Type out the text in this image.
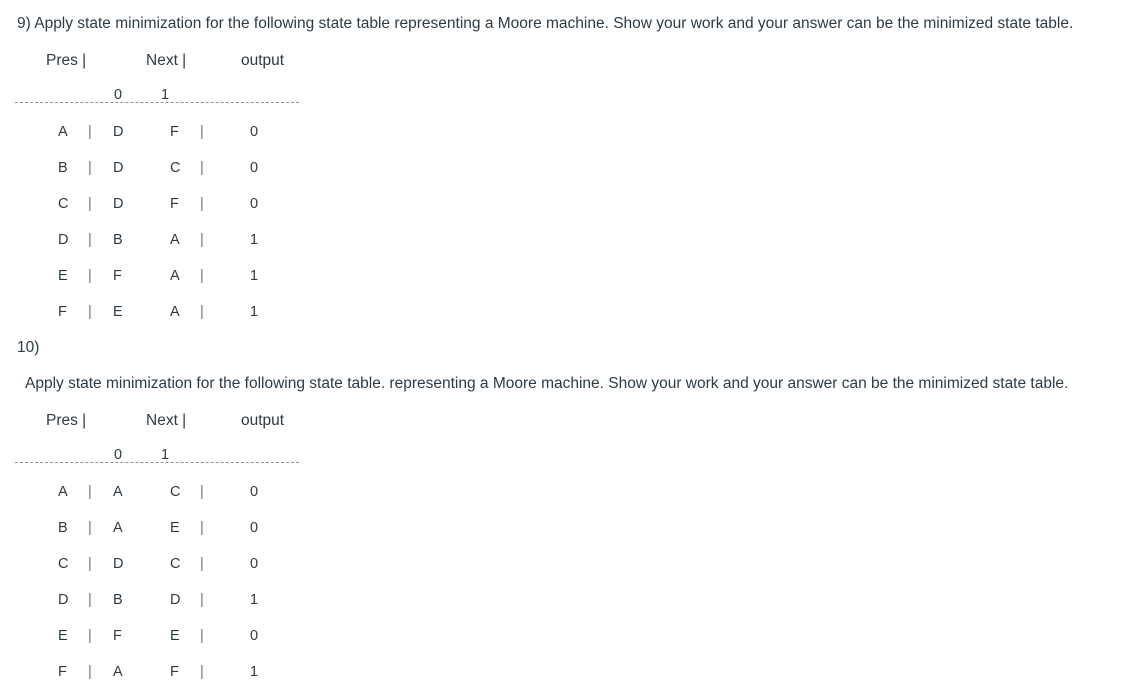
9) Apply state minimization for the following state table representing a Moore machine. Show your work and your answer can be the minimized state table.
Pres |	Next |	output
0	1
A | D	F |	0
B | D	C |	0
C | D	F |	0
D | B	A |	1
E | F	A |	1
F | E	A |	1
10)
Apply state minimization for the following state table. representing a Moore machine. Show your work and your answer can be the minimized state table.
Pres |	Next |	output
0	1
A | A	C |	0
B | A	E |	0
C | D	C |	0
D | B	D |	1
E | F	E |	0
F | A	F |	1
